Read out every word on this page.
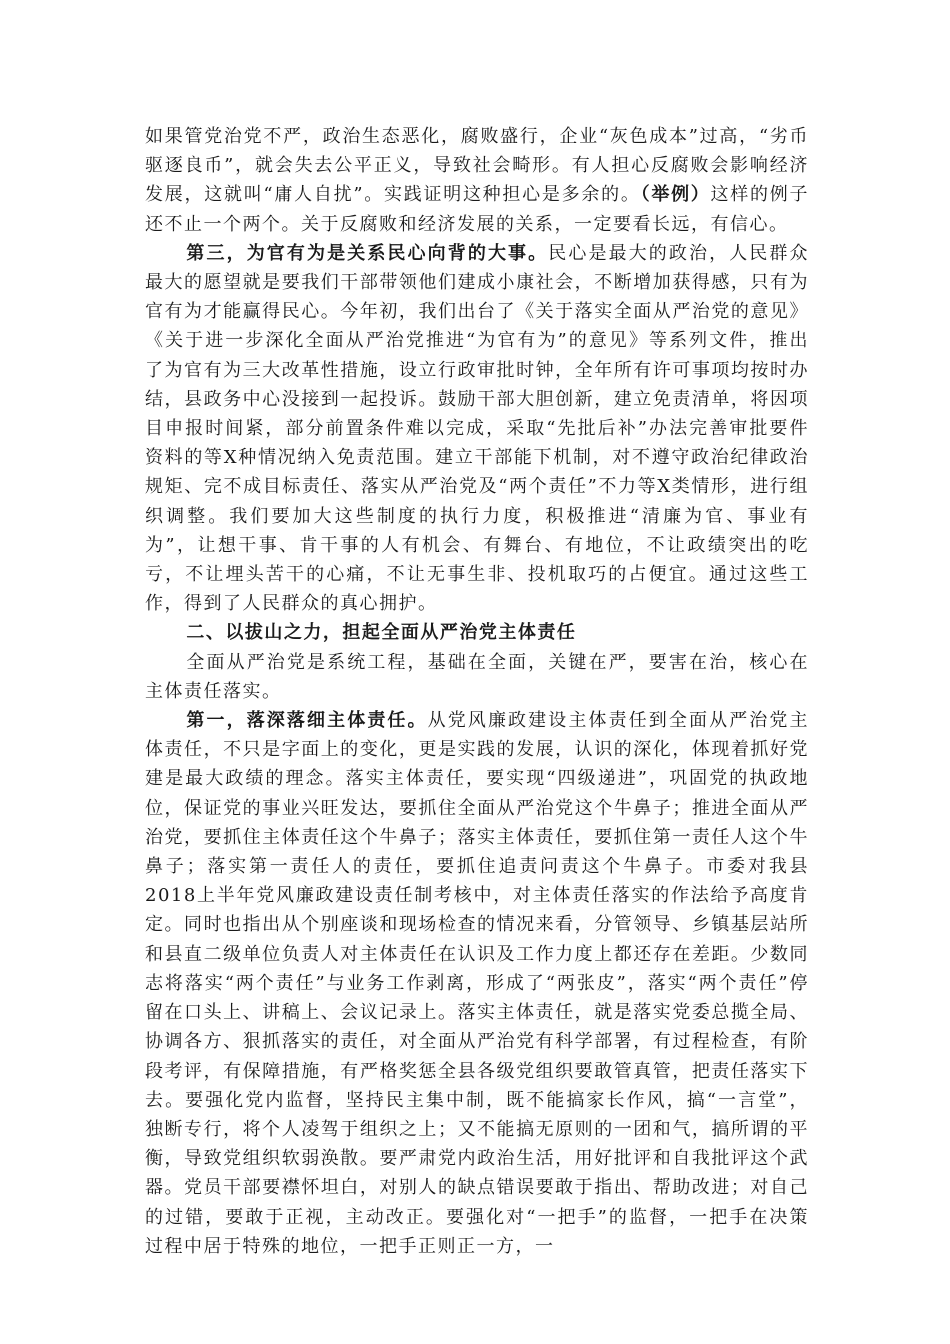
如果管党治党不严，政治生态恶化，腐败盛行，企业“灰色成本”过高，“劣币驱逐良币”，就会失去公平正义，导致社会畸形。有人担心反腐败会影响经济发展，这就叫“庸人自扰”。实践证明这种担心是多余的。（举例）这样的例子还不止一个两个。关于反腐败和经济发展的关系，一定要看长远，有信心。

第三，为官有为是关系民心向背的大事。民心是最大的政治，人民群众最大的愿望就是要我们干部带领他们建成小康社会，不断增加获得感，只有为官有为才能赢得民心。今年初，我们出台了《关于落实全面从严治党的意见》《关于进一步深化全面从严治党推进“为官有为”的意见》等系列文件，推出了为官有为三大改革性措施，设立行政审批时钟，全年所有许可事项均按时办结，县政务中心没接到一起投诉。鼓励干部大胆创新，建立免责清单，将因项目申报时间紧，部分前置条件难以完成，采取“先批后补”办法完善审批要件资料的等X种情况纳入免责范围。建立干部能下机制，对不遵守政治纪律政治规矩、完不成目标责任、落实从严治党及“两个责任”不力等X类情形，进行组织调整。我们要加大这些制度的执行力度，积极推进“清廉为官、事业有为”，让想干事、肯干事的人有机会、有舞台、有地位，不让政绩突出的吃亏，不让埋头苦干的心痛，不让无事生非、投机取巧的占便宜。通过这些工作，得到了人民群众的真心拥护。

二、以拔山之力，担起全面从严治党主体责任

全面从严治党是系统工程，基础在全面，关键在严，要害在治，核心在主体责任落实。

第一，落深落细主体责任。从党风廉政建设主体责任到全面从严治党主体责任，不只是字面上的变化，更是实践的发展，认识的深化，体现着抓好党建是最大政绩的理念。落实主体责任，要实现“四级递进”，巩固党的执政地位，保证党的事业兴旺发达，要抓住全面从严治党这个牛鼻子；推进全面从严治党，要抓住主体责任这个牛鼻子；落实主体责任，要抓住第一责任人这个牛鼻子；落实第一责任人的责任，要抓住追责问责这个牛鼻子。市委对我县2018上半年党风廉政建设责任制考核中，对主体责任落实的作法给予高度肯定。同时也指出从个别座谈和现场检查的情况来看，分管领导、乡镇基层站所和县直二级单位负责人对主体责任在认识及工作力度上都还存在差距。少数同志将落实“两个责任”与业务工作剥离，形成了“两张皮”，落实“两个责任”停留在口头上、讲稿上、会议记录上。落实主体责任，就是落实党委总揽全局、协调各方、狠抓落实的责任，对全面从严治党有科学部署，有过程检查，有阶段考评，有保障措施，有严格奖惩全县各级党组织要敢管真管，把责任落实下去。要强化党内监督，坚持民主集中制，既不能搞家长作风，搞“一言堂”，独断专行，将个人凌驾于组织之上；又不能搞无原则的一团和气，搞所谓的平衡，导致党组织软弱涣散。要严肃党内政治生活，用好批评和自我批评这个武器。党员干部要襟怀坦白，对别人的缺点错误要敢于指出、帮助改进；对自己的过错，要敢于正视，主动改正。要强化对“一把手”的监督，一把手在决策过程中居于特殊的地位，一把手正则正一方，一
